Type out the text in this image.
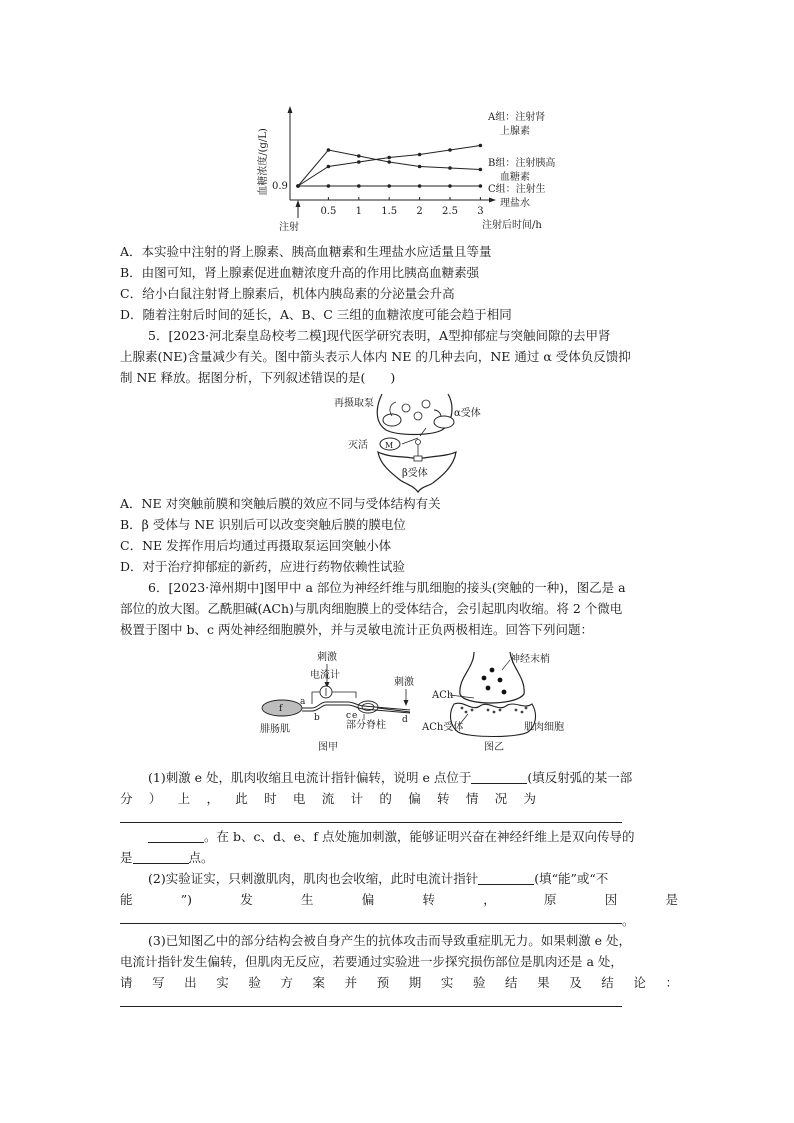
血糖浓度/(g/L) 0.9
0.5 1 1.5 2 2.5 3
注射	注射后时间/h
A组：注射肾
上腺素
B组：注射胰高
血糖素
C组：注射生
理盐水
A．本实验中注射的肾上腺素、胰高血糖素和生理盐水应适量且等量
B．由图可知，肾上腺素促进血糖浓度升高的作用比胰高血糖素强
C．给小白鼠注射肾上腺素后，机体内胰岛素的分泌量会升高
D．随着注射后时间的延长，A、B、C 三组的血糖浓度可能会趋于相同
5．[2023·河北秦皇岛校考二模]现代医学研究表明，A型抑郁症与突触间隙的去甲肾
上腺素(NE)含量减少有关。图中箭头表示人体内 NE 的几种去向，NE 通过 α 受体负反馈抑
制 NE 释放。据图分析，下列叙述错误的是(　　)
M
再摄取泵
α受体
灭活
β受体
A．NE 对突触前膜和突触后膜的效应不同与受体结构有关
B．β 受体与 NE 识别后可以改变突触后膜的膜电位
C．NE 发挥作用后均通过再摄取泵运回突触小体
D．对于治疗抑郁症的新药，应进行药物依赖性试验
6．[2023·漳州期中]图甲中 a 部位为神经纤维与肌细胞的接头(突触的一种)，图乙是 a
部位的放大图。乙酰胆碱(ACh)与肌肉细胞膜上的受体结合，会引起肌肉收缩。将 2 个微电
极置于图中 b、c 两处神经细胞膜外，并与灵敏电流计正负两极相连。回答下列问题：
刺激
电流计
刺激
f
a
b	c e	d
腓肠肌	部分脊柱
图甲
神经末梢
ACh
ACh受体	肌肉细胞
图乙
(1)刺激 e 处，肌肉收缩且电流计指针偏转，说明 e 点位于	(填反射弧的某一部
分）上，此时电流计的偏转情况为
。在 b、c、d、e、f 点处施加刺激，能够证明兴奋在神经纤维上是双向传导的
是	点。
(2)实验证实，只刺激肌肉，肌肉也会收缩，此时电流计指针	(填“能”或“不
能”)发生偏转，原因是
。
(3)已知图乙中的部分结构会被自身产生的抗体攻击而导致重症肌无力。如果刺激 e 处，
电流计指针发生偏转，但肌肉无反应，若要通过实验进一步探究损伤部位是肌肉还是 a 处，
请写出实验方案并预期实验结果及结论：
